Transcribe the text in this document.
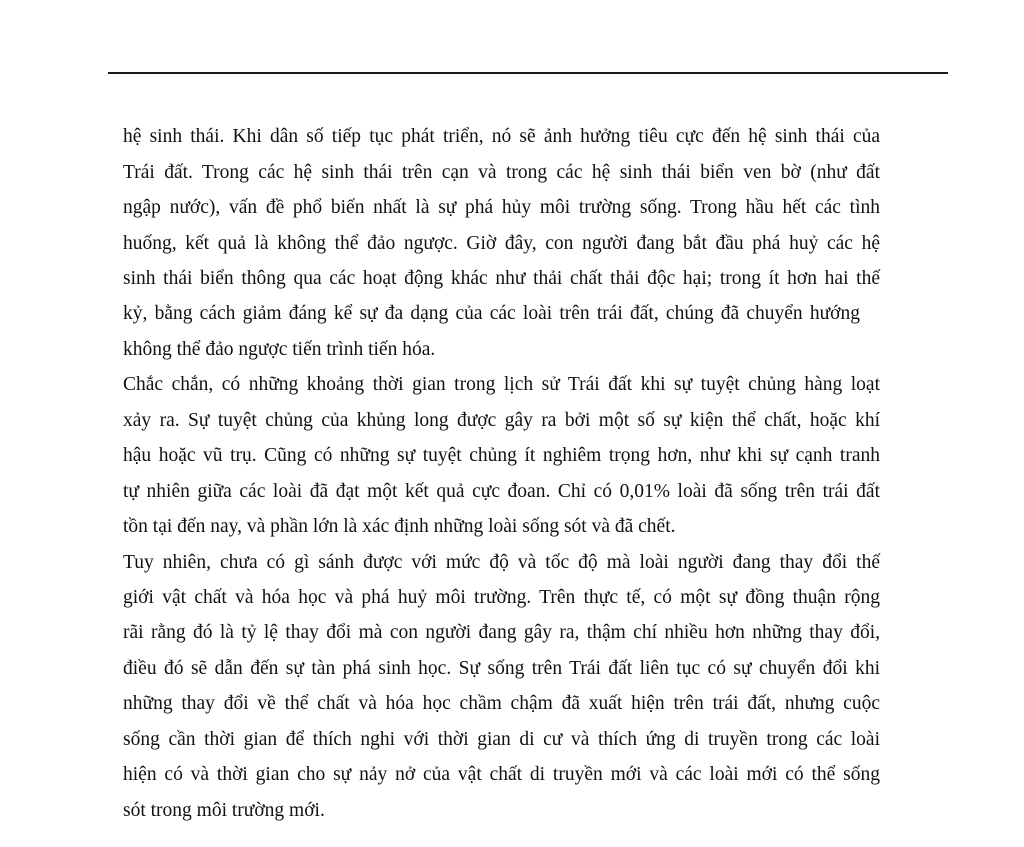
hệ sinh thái. Khi dân số tiếp tục phát triển, nó sẽ ảnh hưởng tiêu cực đến hệ sinh thái của
Trái đất. Trong các hệ sinh thái trên cạn và trong các hệ sinh thái biển ven bờ (như đất
ngập nước), vấn đề phổ biến nhất là sự phá hủy môi trường sống. Trong hầu hết các tình
huống, kết quả là không thể đảo ngược. Giờ đây, con người đang bắt đầu phá huỷ các hệ
sinh thái biển thông qua các hoạt động khác như thải chất thải độc hại; trong ít hơn hai thế
kỷ, bằng cách giảm đáng kể sự đa dạng của các loài trên trái đất, chúng đã chuyển hướng
không thể đảo ngược tiến trình tiến hóa.
Chắc chắn, có những khoảng thời gian trong lịch sử Trái đất khi sự tuyệt chủng hàng loạt
xảy ra. Sự tuyệt chủng của khủng long được gây ra bởi một số sự kiện thể chất, hoặc khí
hậu hoặc vũ trụ. Cũng có những sự tuyệt chủng ít nghiêm trọng hơn, như khi sự cạnh tranh
tự nhiên giữa các loài đã đạt một kết quả cực đoan. Chỉ có 0,01% loài đã sống trên trái đất
tồn tại đến nay, và phần lớn là xác định những loài sống sót và đã chết.
Tuy nhiên, chưa có gì sánh được với mức độ và tốc độ mà loài người đang thay đổi thế
giới vật chất và hóa học và phá huỷ môi trường. Trên thực tế, có một sự đồng thuận rộng
rãi rằng đó là tỷ lệ thay đổi mà con người đang gây ra, thậm chí nhiều hơn những thay đổi,
điều đó sẽ dẫn đến sự tàn phá sinh học. Sự sống trên Trái đất liên tục có sự chuyển đổi khi
những thay đổi về thể chất và hóa học chầm chậm đã xuất hiện trên trái đất, nhưng cuộc
sống cần thời gian để thích nghi với thời gian di cư và thích ứng di truyền trong các loài
hiện có và thời gian cho sự nảy nở của vật chất di truyền mới và các loài mới có thể sống
sót trong môi trường mới.
